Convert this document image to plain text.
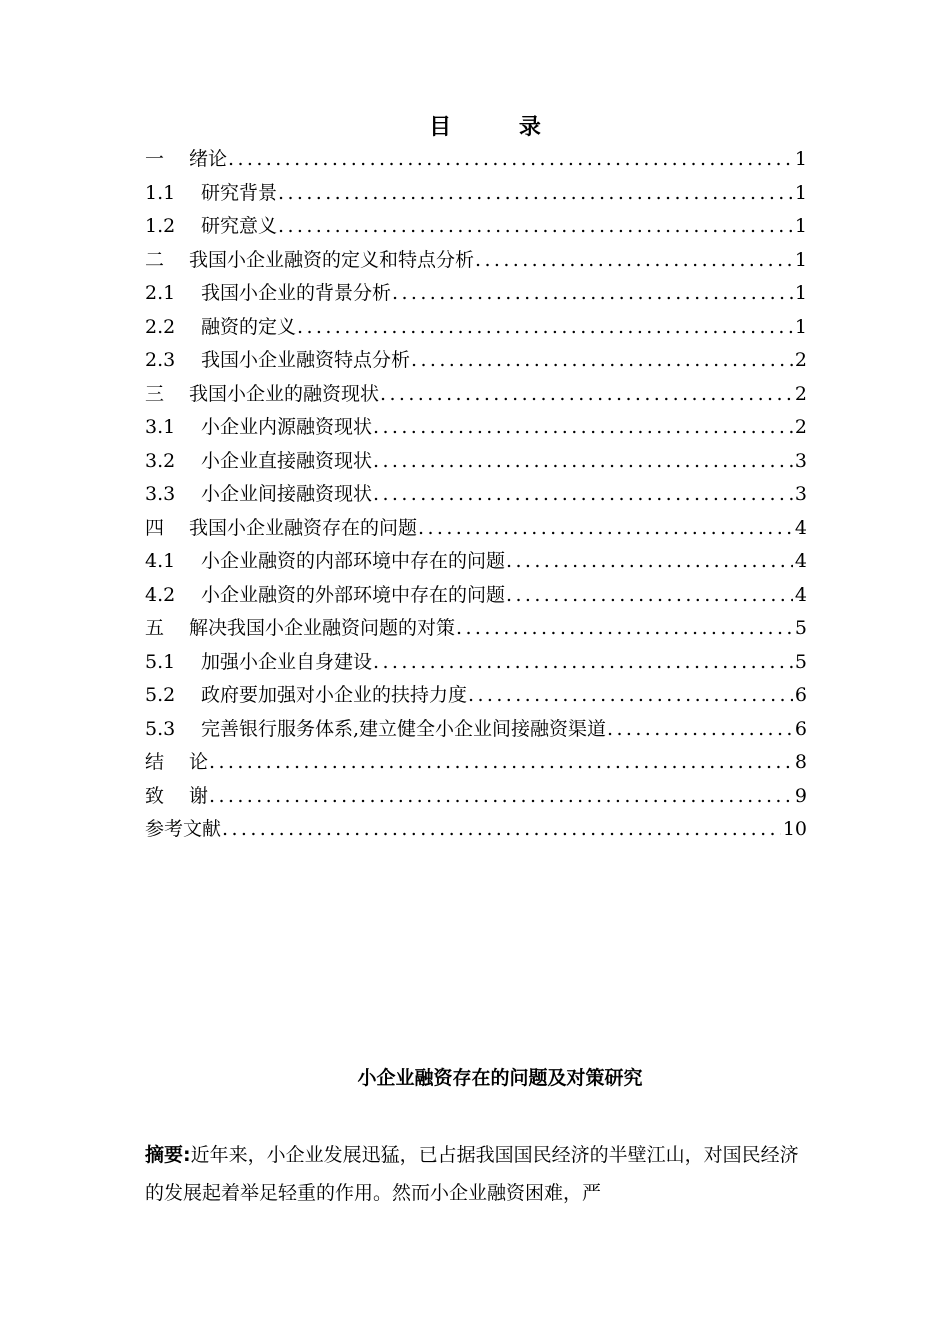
目 录
一	绪论 .....	1
1.1	研究背景 .....	1
1.2	研究意义 .....	1
二	我国小企业融资的定义和特点分析 .....	1
2.1	我国小企业的背景分析 .....	1
2.2	融资的定义 .....	1
2.3	我国小企业融资特点分析 .....	2
三	我国小企业的融资现状 .....	2
3.1	小企业内源融资现状 .....	2
3.2	小企业直接融资现状 .....	3
3.3	小企业间接融资现状 .....	3
四	我国小企业融资存在的问题 .....	4
4.1	小企业融资的内部环境中存在的问题 .....	4
4.2	小企业融资的外部环境中存在的问题 .....	4
五	解决我国小企业融资问题的对策 .....	5
5.1	加强小企业自身建设 .....	5
5.2	政府要加强对小企业的扶持力度 .....	6
5.3	完善银行服务体系,建立健全小企业间接融资渠道 .....	6
结	论 .....	8
致	谢 .....	9
参考文献 .....	10
小企业融资存在的问题及对策研究

摘要:近年来，小企业发展迅猛，已占据我国国民经济的半壁江山，对国民经济的发展起着举足轻重的作用。然而小企业融资困难，严
